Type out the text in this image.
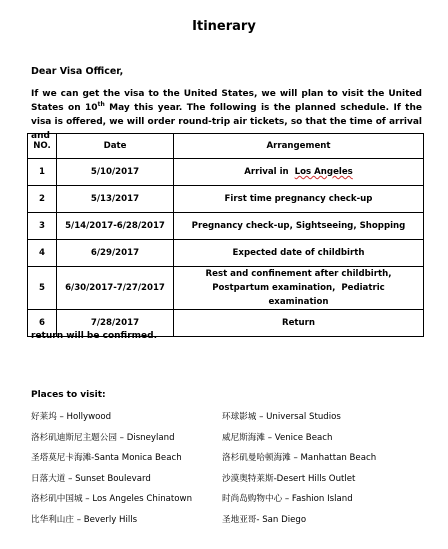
Itinerary

Dear Visa Officer,

If we can get the visa to the United States, we will plan to visit the United States on 10th May this year. The following is the planned schedule. If the visa is offered, we will order round-trip air tickets, so that the time of arrival and

NO.	Date	Arrangement
1	5/10/2017	Arrival in  Los Angeles
2	5/13/2017	First time pregnancy check-up
3	5/14/2017-6/28/2017	Pregnancy check-up, Sightseeing, Shopping
4	6/29/2017	Expected date of childbirth
5	6/30/2017-7/27/2017	Rest and confinement after childbirth,  Postpartum examination,  Pediatric examination
6	7/28/2017	Return

return will be confirmed.

Places to visit:

好莱坞 – Hollywood

洛杉矶迪斯尼主题公园 – Disneyland

圣塔莫尼卡海滩-Santa Monica Beach

日落大道 – Sunset Boulevard

洛杉矶中国城 – Los Angeles Chinatown

比华利山庄 – Beverly Hills

环球影城 – Universal Studios

威尼斯海滩 – Venice Beach

洛杉矶曼哈顿海滩 – Manhattan Beach

沙漠奥特莱斯-Desert Hills Outlet

时尚岛购物中心 – Fashion Island

圣地亚哥- San Diego
